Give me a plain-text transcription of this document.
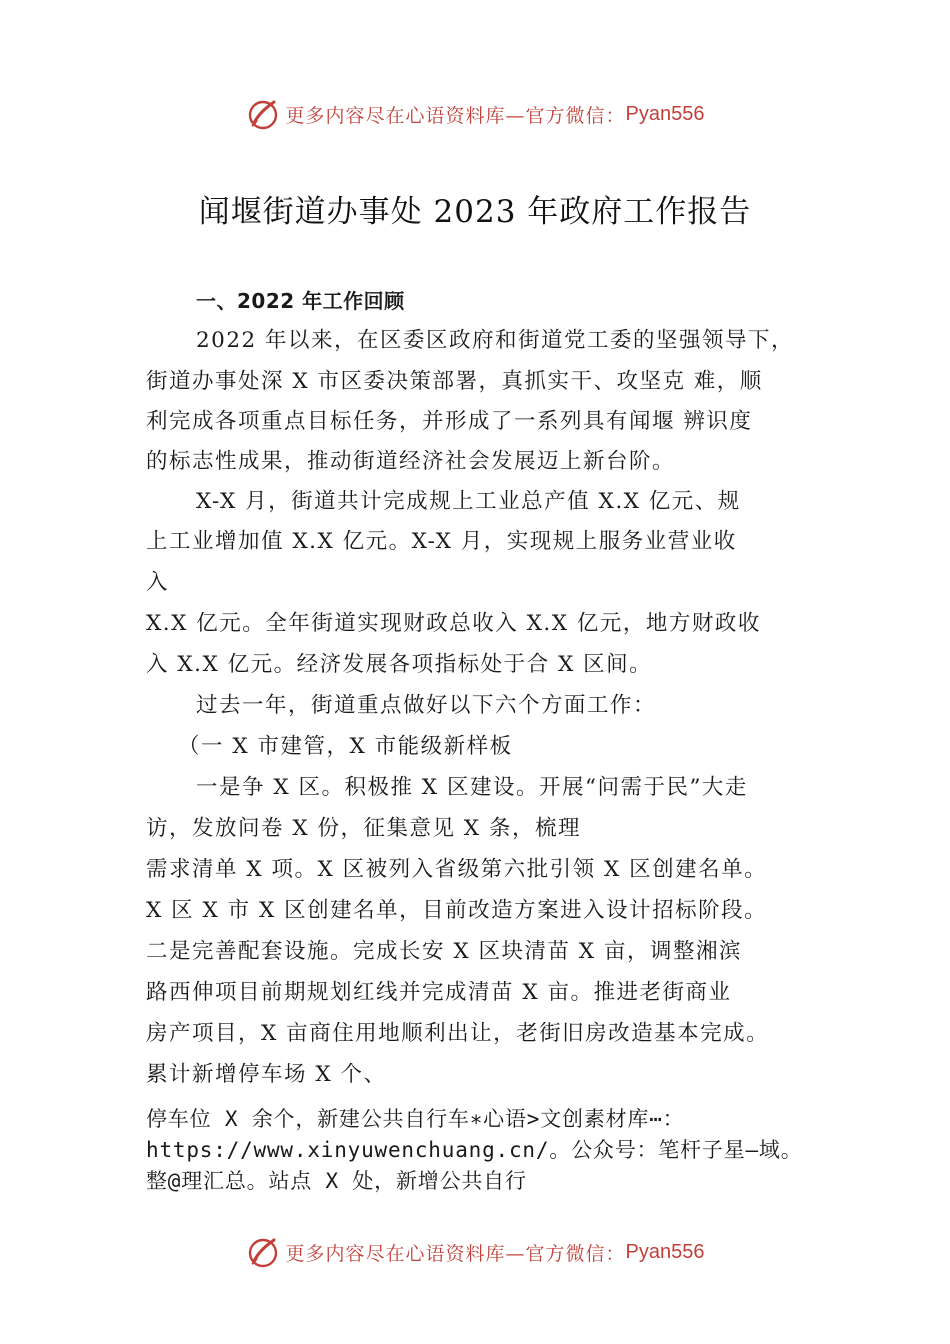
更多内容尽在心语资料库—官方微信： Pyan556
闻堰街道办事处 2023 年政府工作报告
一、2022 年工作回顾
2022 年以来，在区委区政府和街道党工委的坚强领导下，
街道办事处深 X 市区委决策部署，真抓实干、攻坚克 难，顺
利完成各项重点目标任务，并形成了一系列具有闻堰 辨识度
的标志性成果，推动街道经济社会发展迈上新台阶。
X-X 月，街道共计完成规上工业总产值 X.X 亿元、规
上工业增加值 X.X 亿元。X-X 月，实现规上服务业营业收
入
X.X 亿元。全年街道实现财政总收入 X.X 亿元，地方财政收
入 X.X 亿元。经济发展各项指标处于合 X 区间。
过去一年，街道重点做好以下六个方面工作：
（一 X 市建管，X 市能级新样板
一是争 X 区。积极推 X 区建设。开展“问需于民”大走
访，发放问卷 X 份，征集意见 X 条，梳理
需求清单 X 项。X 区被列入省级第六批引领 X 区创建名单。
X 区 X 市 X 区创建名单，目前改造方案进入设计招标阶段。
二是完善配套设施。完成长安 X 区块清苗 X 亩，调整湘滨
路西伸项目前期规划红线并完成清苗 X 亩。推进老街商业
房产项目，X 亩商住用地顺利出让，老街旧房改造基本完成。
累计新增停车场 X 个、
停车位 X 余个，新建公共自行车∗心语>文创素材库⋯：
https://www.xinyuwenchuang.cn/。公众号：笔杆子星—域。
整@理汇总。站点 X 处，新增公共自行
更多内容尽在心语资料库—官方微信： Pyan556
